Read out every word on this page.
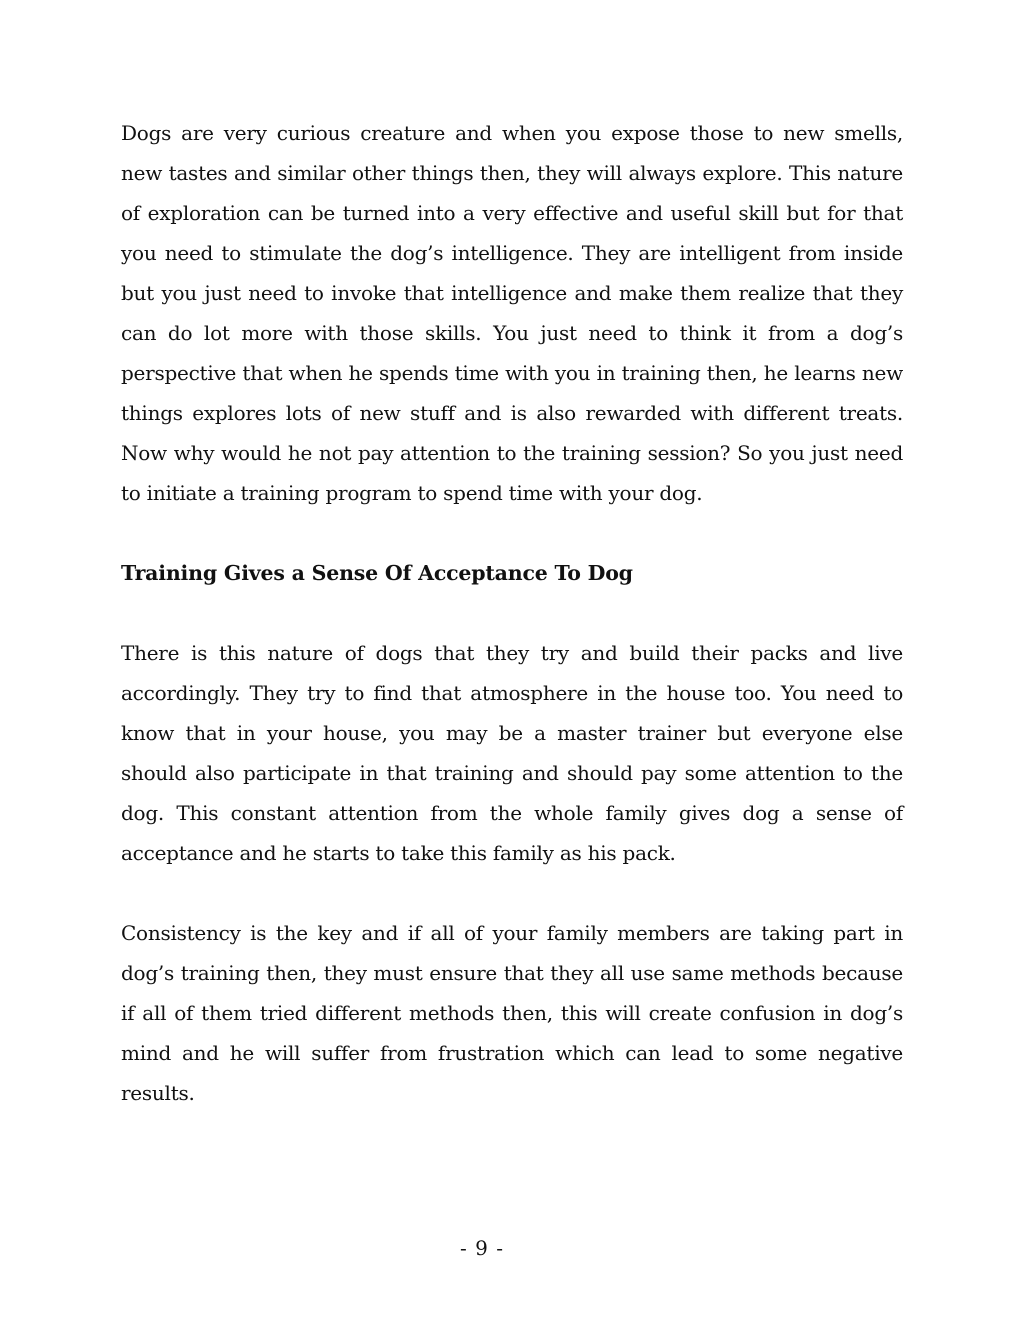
Dogs are very curious creature and when you expose those to new smells, new tastes and similar other things then, they will always explore. This nature of exploration can be turned into a very effective and useful skill but for that you need to stimulate the dog’s intelligence. They are intelligent from inside but you just need to invoke that intelligence and make them realize that they can do lot more with those skills. You just need to think it from a dog’s perspective that when he spends time with you in training then, he learns new things explores lots of new stuff and is also rewarded with different treats. Now why would he not pay attention to the training session? So you just need to initiate a training program to spend time with your dog.

Training Gives a Sense Of Acceptance To Dog

There is this nature of dogs that they try and build their packs and live accordingly. They try to find that atmosphere in the house too. You need to know that in your house, you may be a master trainer but everyone else should also participate in that training and should pay some attention to the dog. This constant attention from the whole family gives dog a sense of acceptance and he starts to take this family as his pack.

Consistency is the key and if all of your family members are taking part in dog’s training then, they must ensure that they all use same methods because if all of them tried different methods then, this will create confusion in dog’s mind and he will suffer from frustration which can lead to some negative results.

- 9 -
